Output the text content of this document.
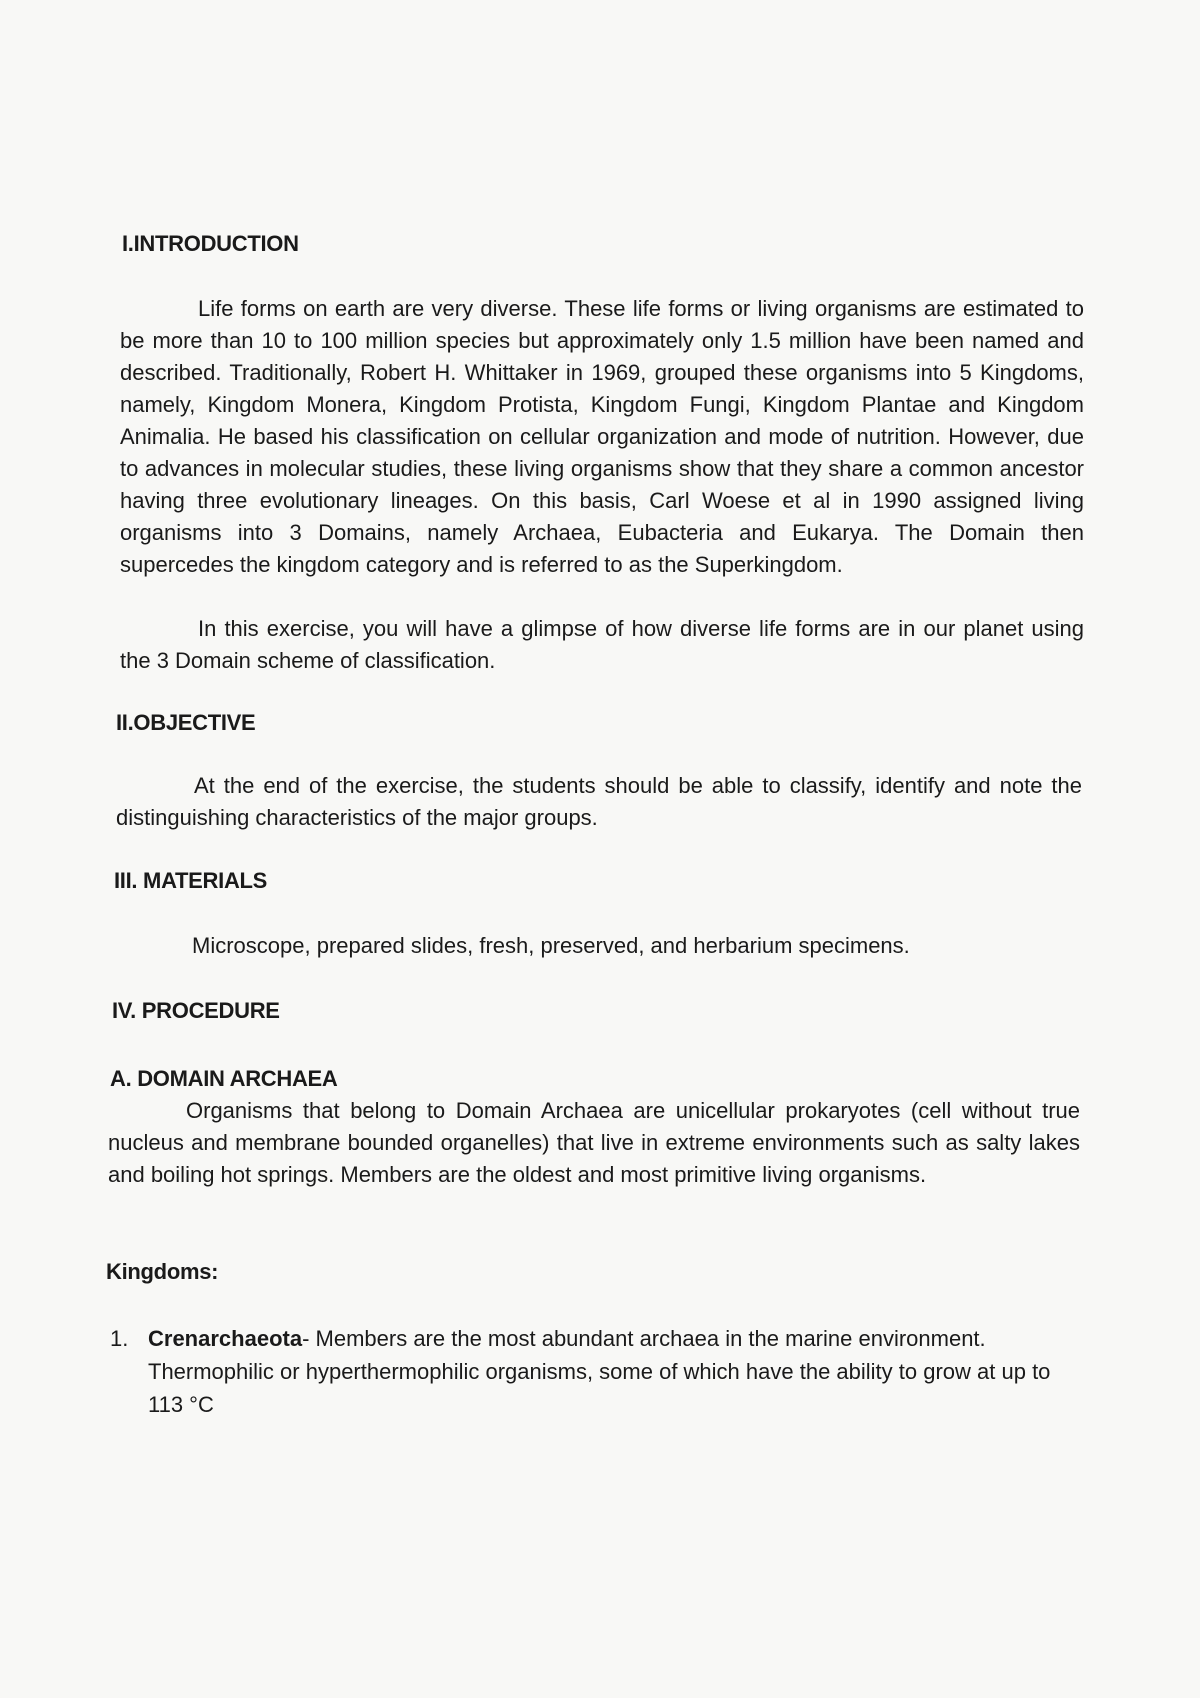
I.INTRODUCTION

Life forms on earth are very diverse. These life forms or living organisms are estimated to be more than 10 to 100 million species but approximately only 1.5 million have been named and described. Traditionally, Robert H. Whittaker in 1969, grouped these organisms into 5 Kingdoms, namely, Kingdom Monera, Kingdom Protista, Kingdom Fungi, Kingdom Plantae and Kingdom Animalia. He based his classification on cellular organization and mode of nutrition. However, due to advances in molecular studies, these living organisms show that they share a common ancestor having three evolutionary lineages. On this basis, Carl Woese et al in 1990 assigned living organisms into 3 Domains, namely Archaea, Eubacteria and Eukarya. The Domain then supercedes the kingdom category and is referred to as the Superkingdom.

In this exercise, you will have a glimpse of how diverse life forms are in our planet using the 3 Domain scheme of classification.

II.OBJECTIVE

At the end of the exercise, the students should be able to classify, identify and note the distinguishing characteristics of the major groups.

III. MATERIALS

Microscope, prepared slides, fresh, preserved, and herbarium specimens.

IV. PROCEDURE
A. DOMAIN ARCHAEA

Organisms that belong to Domain Archaea are unicellular prokaryotes (cell without true nucleus and membrane bounded organelles) that live in extreme environments such as salty lakes and boiling hot springs. Members are the oldest and most primitive living organisms.

Kingdoms:
1. Crenarchaeota- Members are the most abundant archaea in the marine environment. Thermophilic or hyperthermophilic organisms, some of which have the ability to grow at up to 113 °C
